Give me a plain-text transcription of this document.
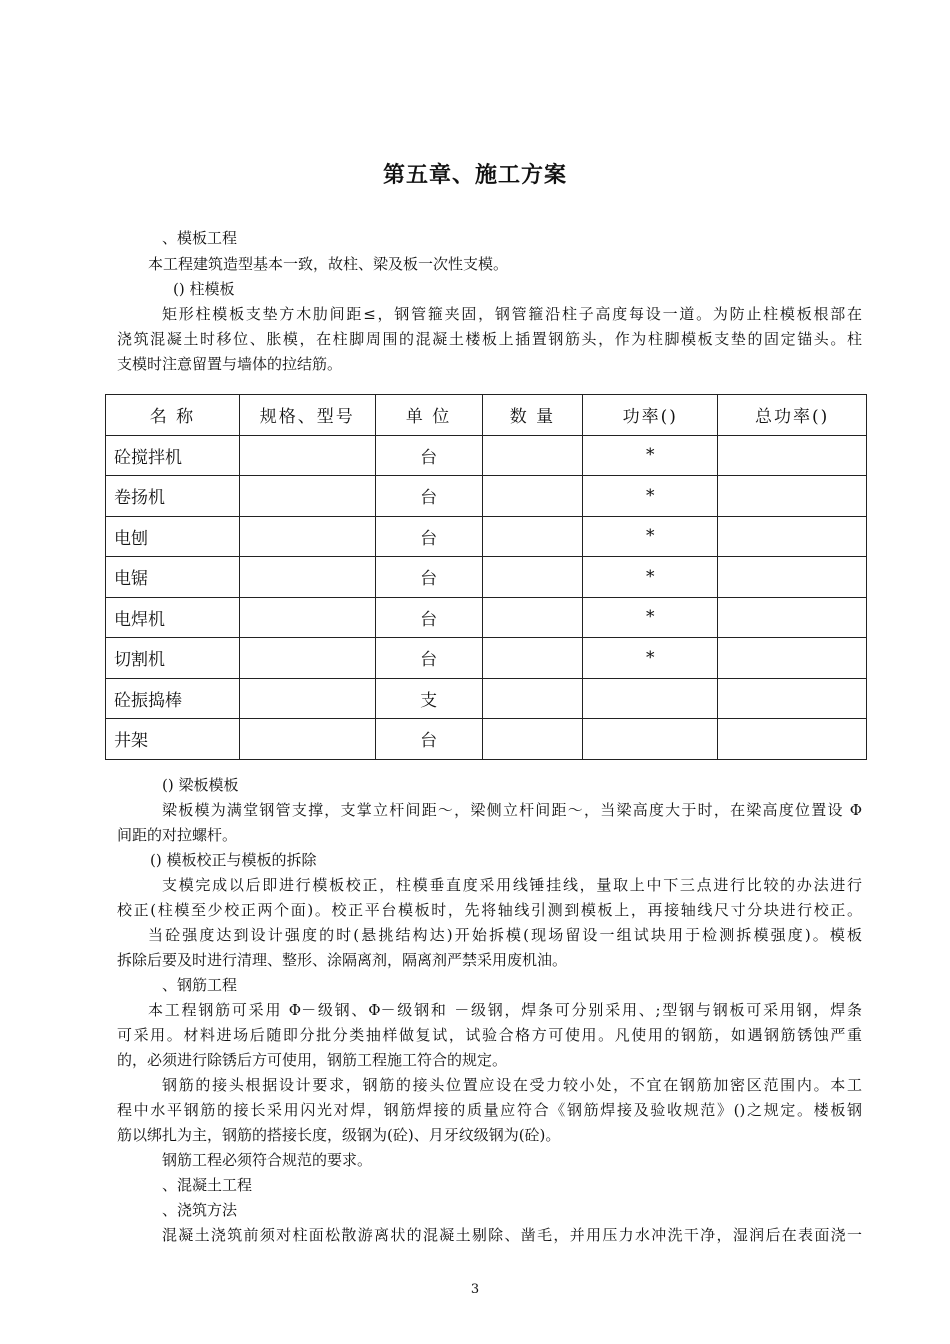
第五章、施工方案
、模板工程
本工程建筑造型基本一致，故柱、梁及板一次性支模。
() 柱模板
矩形柱模板支垫方木肋间距≤，钢管箍夹固，钢管箍沿柱子高度每设一道。为防止柱模板根部在
浇筑混凝土时移位、胀模，在柱脚周围的混凝土楼板上插置钢筋头，作为柱脚模板支垫的固定锚头。柱
支模时注意留置与墙体的拉结筋。
名 称	规格、型号	单 位	数 量	功率()	总功率()
砼搅拌机		台		*	
卷扬机		台		*	
电刨		台		*	
电锯		台		*	
电焊机		台		*	
切割机		台		*	
砼振捣棒		支			
井架		台			
() 梁板模板
梁板模为满堂钢管支撑，支掌立杆间距～，梁侧立杆间距～，当梁高度大于时，在梁高度位置设 Φ
间距的对拉螺杆。
() 模板校正与模板的拆除
支模完成以后即进行模板校正，柱模垂直度采用线锤挂线，量取上中下三点进行比较的办法进行
校正(柱模至少校正两个面)。校正平台模板时，先将轴线引测到模板上，再接轴线尺寸分块进行校正。
当砼强度达到设计强度的时(悬挑结构达)开始拆模(现场留设一组试块用于检测拆模强度)。模板
拆除后要及时进行清理、整形、涂隔离剂，隔离剂严禁采用废机油。
、钢筋工程
本工程钢筋可采用 Φ－级钢、Φ－级钢和 －级钢，焊条可分别采用、;型钢与钢板可采用钢，焊条
可采用。材料进场后随即分批分类抽样做复试，试验合格方可使用。凡使用的钢筋，如遇钢筋锈蚀严重
的，必须进行除锈后方可使用，钢筋工程施工符合的规定。
钢筋的接头根据设计要求，钢筋的接头位置应设在受力较小处，不宜在钢筋加密区范围内。本工
程中水平钢筋的接长采用闪光对焊，钢筋焊接的质量应符合《钢筋焊接及验收规范》()之规定。楼板钢
筋以绑扎为主，钢筋的搭接长度，级钢为(砼)、月牙纹级钢为(砼)。
钢筋工程必须符合规范的要求。
、混凝土工程
、浇筑方法
混凝土浇筑前须对柱面松散游离状的混凝土剔除、凿毛，并用压力水冲洗干净，湿润后在表面浇一
3
